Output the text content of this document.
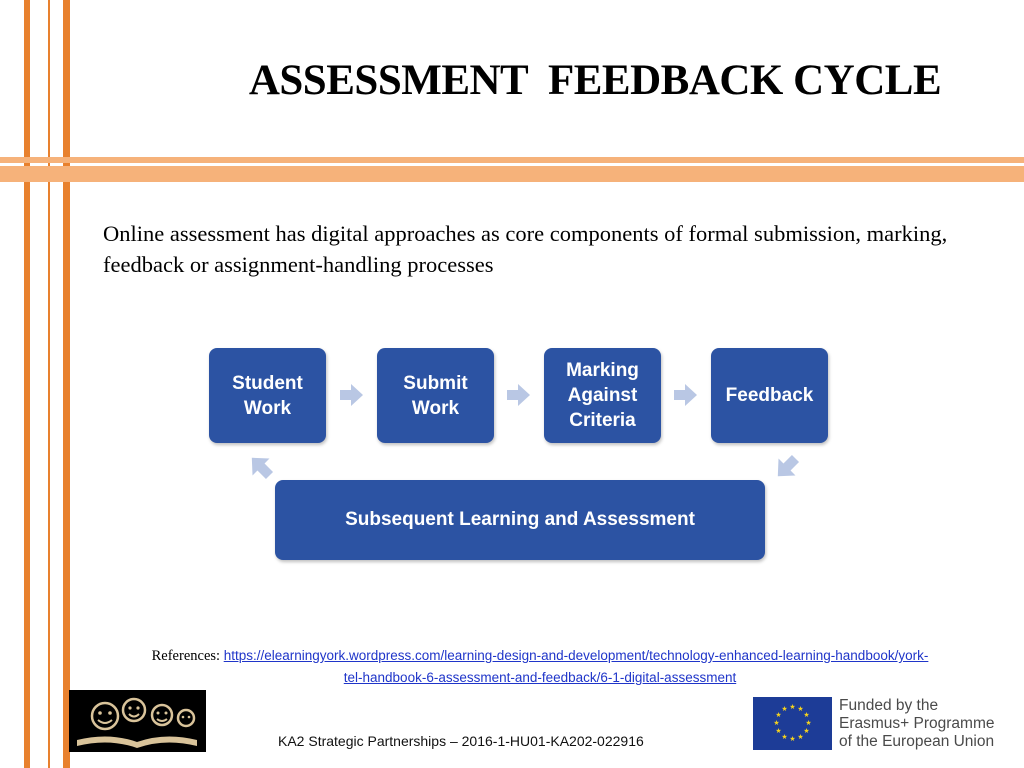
ASSESSMENT  FEEDBACK CYCLE

Online assessment has digital approaches as core components of formal submission, marking, feedback or assignment-handling processes

Student
Work
Submit
Work
Marking
Against
Criteria
Feedback
Subsequent Learning and Assessment
References: https://elearningyork.wordpress.com/learning-design-and-development/technology-enhanced-learning-handbook/york-tel-handbook-6-assessment-and-feedback/6-1-digital-assessment
KA2 Strategic Partnerships – 2016-1-HU01-KA202-022916
★ ★
★
★
★
★
★
★
★
★
★
★	Funded by the
Erasmus+ Programme
of the European Union
